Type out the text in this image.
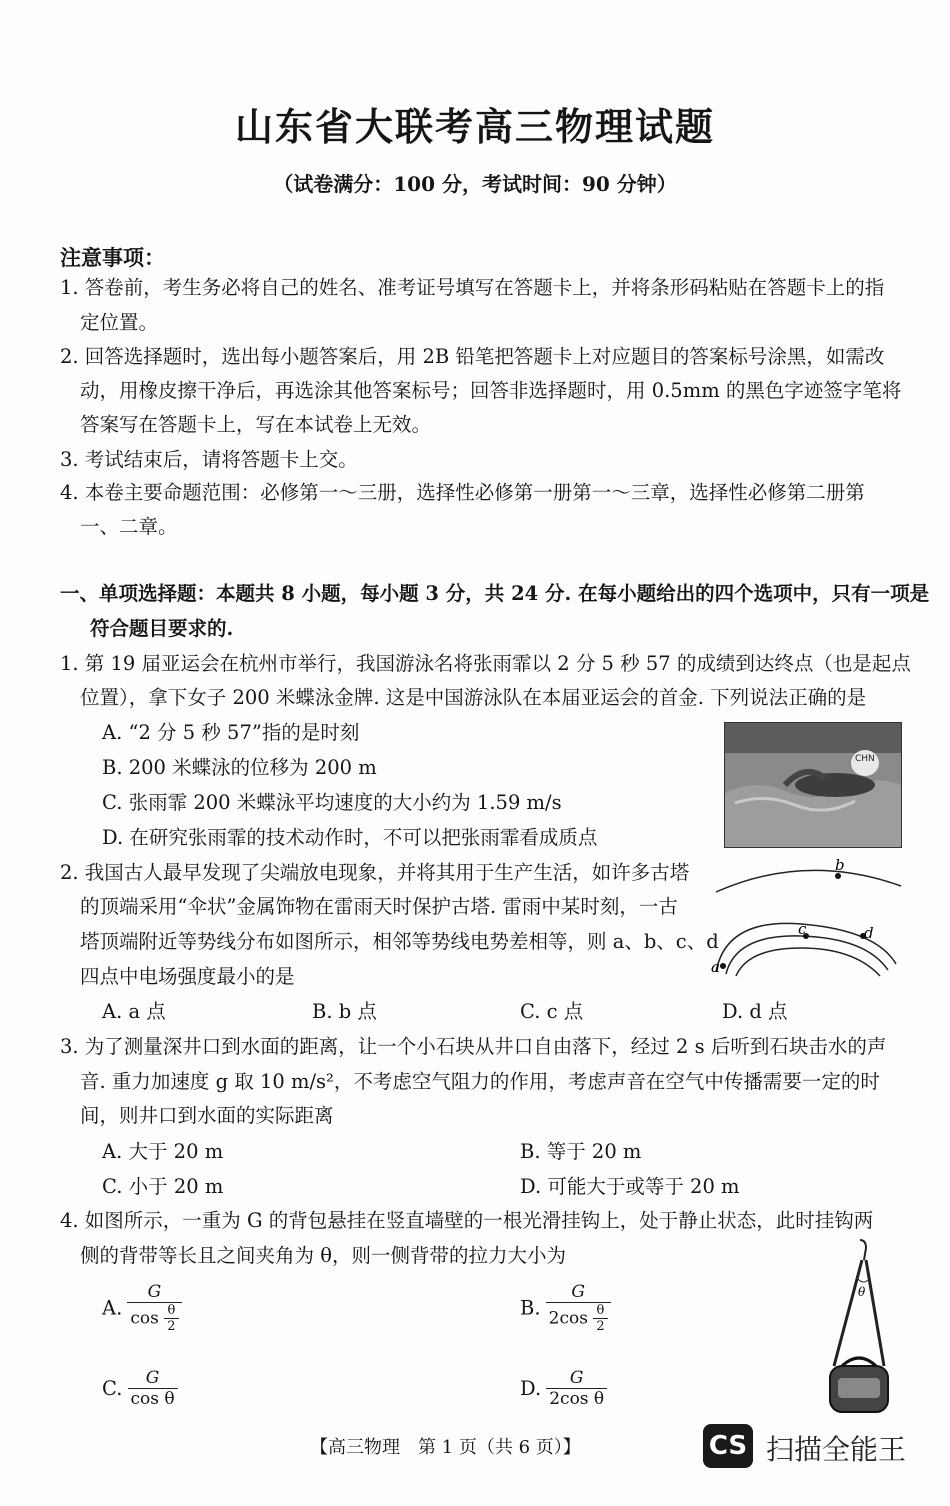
山东省大联考高三物理试题
（试卷满分：100 分，考试时间：90 分钟）
注意事项：
1. 答卷前，考生务必将自己的姓名、准考证号填写在答题卡上，并将条形码粘贴在答题卡上的指
定位置。
2. 回答选择题时，选出每小题答案后，用 2B 铅笔把答题卡上对应题目的答案标号涂黑，如需改
动，用橡皮擦干净后，再选涂其他答案标号；回答非选择题时，用 0.5mm 的黑色字迹签字笔将
答案写在答题卡上，写在本试卷上无效。
3. 考试结束后，请将答题卡上交。
4. 本卷主要命题范围：必修第一～三册，选择性必修第一册第一～三章，选择性必修第二册第
一、二章。
一、单项选择题：本题共 8 小题，每小题 3 分，共 24 分. 在每小题给出的四个选项中，只有一项是
符合题目要求的.
1. 第 19 届亚运会在杭州市举行，我国游泳名将张雨霏以 2 分 5 秒 57 的成绩到达终点（也是起点
位置），拿下女子 200 米蝶泳金牌. 这是中国游泳队在本届亚运会的首金. 下列说法正确的是
A. “2 分 5 秒 57”指的是时刻
B. 200 米蝶泳的位移为 200 m
C. 张雨霏 200 米蝶泳平均速度的大小约为 1.59 m/s
D. 在研究张雨霏的技术动作时，不可以把张雨霏看成质点
CHN
2. 我国古人最早发现了尖端放电现象，并将其用于生产生活，如许多古塔
的顶端采用“伞状”金属饰物在雷雨天时保护古塔. 雷雨中某时刻，一古
塔顶端附近等势线分布如图所示，相邻等势线电势差相等，则 a、b、c、d
四点中电场强度最小的是
A. a 点	B. b 点	C. c 点	D. d 点
b
c	d
a
3. 为了测量深井口到水面的距离，让一个小石块从井口自由落下，经过 2 s 后听到石块击水的声
音. 重力加速度 g 取 10 m/s²，不考虑空气阻力的作用，考虑声音在空气中传播需要一定的时
间，则井口到水面的实际距离
A. 大于 20 m	B. 等于 20 m
C. 小于 20 m	D. 可能大于或等于 20 m
4. 如图所示，一重为 G 的背包悬挂在竖直墙壁的一根光滑挂钩上，处于静止状态，此时挂钩两
侧的背带等长且之间夹角为 θ，则一侧背带的拉力大小为
A. $\frac{G}{\cos \frac{\theta}{2}}$	B. $\frac{G}{2\cos \frac{\theta}{2}}$
C. $\frac{G}{\text{cos θ}}$	D. $\frac{G}{\text{2cos θ}}$
θ
【高三物理　第 1 页（共 6 页）】	CS 扫描全能王
